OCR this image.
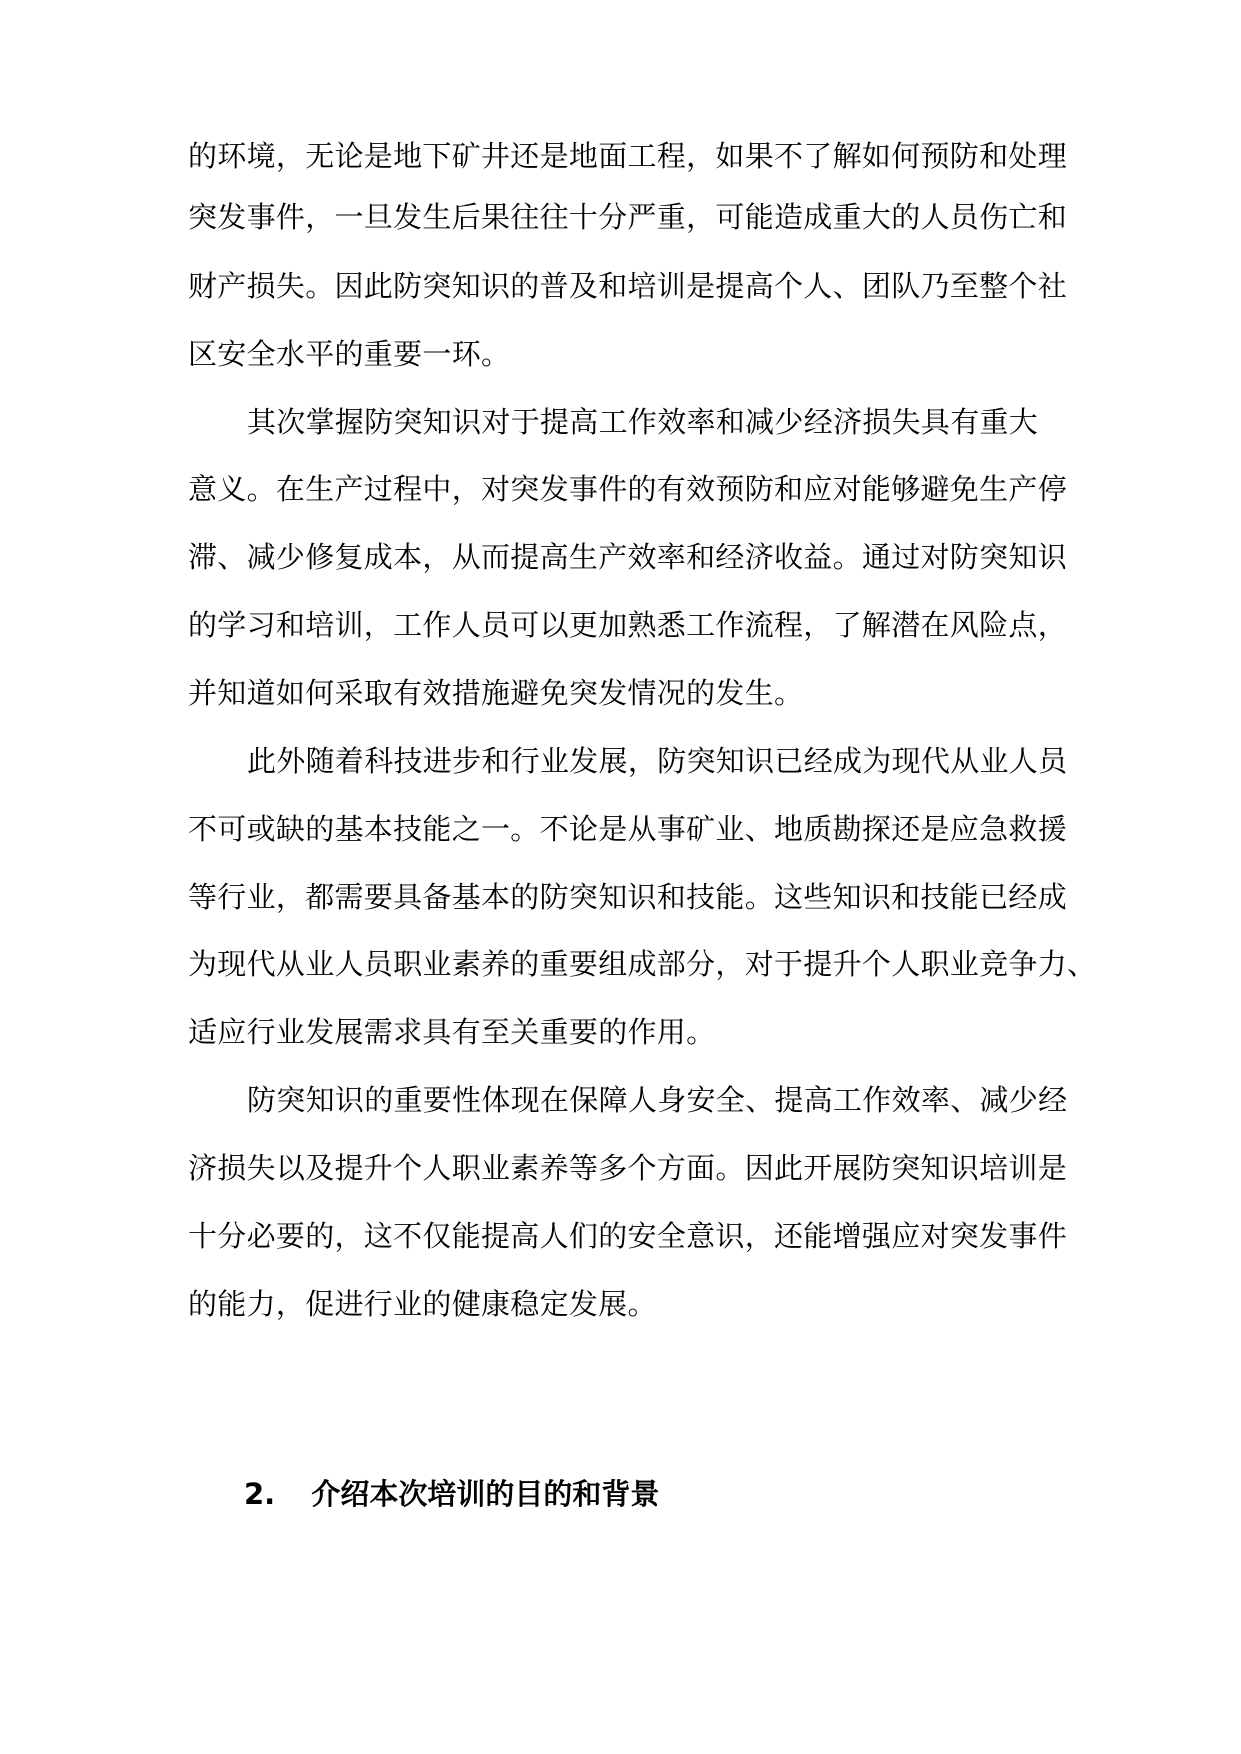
的环境，无论是地下矿井还是地面工程，如果不了解如何预防和处理
突发事件，一旦发生后果往往十分严重，可能造成重大的人员伤亡和
财产损失。因此防突知识的普及和培训是提高个人、团队乃至整个社
区安全水平的重要一环。
其次掌握防突知识对于提高工作效率和减少经济损失具有重大
意义。在生产过程中，对突发事件的有效预防和应对能够避免生产停
滞、减少修复成本，从而提高生产效率和经济收益。通过对防突知识
的学习和培训，工作人员可以更加熟悉工作流程，了解潜在风险点，
并知道如何采取有效措施避免突发情况的发生。
此外随着科技进步和行业发展，防突知识已经成为现代从业人员
不可或缺的基本技能之一。不论是从事矿业、地质勘探还是应急救援
等行业，都需要具备基本的防突知识和技能。这些知识和技能已经成
为现代从业人员职业素养的重要组成部分，对于提升个人职业竞争力、
适应行业发展需求具有至关重要的作用。
防突知识的重要性体现在保障人身安全、提高工作效率、减少经
济损失以及提升个人职业素养等多个方面。因此开展防突知识培训是
十分必要的，这不仅能提高人们的安全意识，还能增强应对突发事件
的能力，促进行业的健康稳定发展。
2. 介绍本次培训的目的和背景
